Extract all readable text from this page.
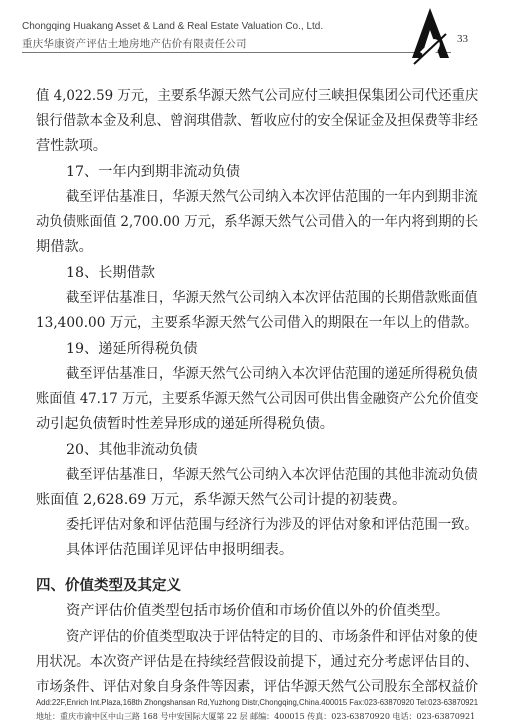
Chongqing Huakang Asset & Land & Real Estate Valuation Co., Ltd.
重庆华康资产评估土地房地产估价有限责任公司	33
值 4,022.59 万元，主要系华源天然气公司应付三峡担保集团公司代还重庆
银行借款本金及利息、曾润琪借款、暂收应付的安全保证金及担保费等非经
营性款项。
17、一年内到期非流动负债
截至评估基准日，华源天然气公司纳入本次评估范围的一年内到期非流
动负债账面值 2,700.00 万元，系华源天然气公司借入的一年内将到期的长
期借款。
18、长期借款
截至评估基准日，华源天然气公司纳入本次评估范围的长期借款账面值
13,400.00 万元，主要系华源天然气公司借入的期限在一年以上的借款。
19、递延所得税负债
截至评估基准日，华源天然气公司纳入本次评估范围的递延所得税负债
账面值 47.17 万元，主要系华源天然气公司因可供出售金融资产公允价值变
动引起负债暂时性差异形成的递延所得税负债。
20、其他非流动负债
截至评估基准日，华源天然气公司纳入本次评估范围的其他非流动负债
账面值 2,628.69 万元，系华源天然气公司计提的初装费。
委托评估对象和评估范围与经济行为涉及的评估对象和评估范围一致。
具体评估范围详见评估申报明细表。
四、价值类型及其定义
资产评估价值类型包括市场价值和市场价值以外的价值类型。
资产评估的价值类型取决于评估特定的目的、市场条件和评估对象的使
用状况。本次资产评估是在持续经营假设前提下，通过充分考虑评估目的、
市场条件、评估对象自身条件等因素，评估华源天然气公司股东全部权益价
Add:22F,Enrich Int.Plaza,168th Zhongshansan Rd,Yuzhong Distr,Chongqing,China.400015 Fax:023-63870920 Tel:023-63870921
地址：重庆市渝中区中山三路 168 号中安国际大厦第 22 层 邮编：400015 传真：023-63870920 电话：023-63870921
